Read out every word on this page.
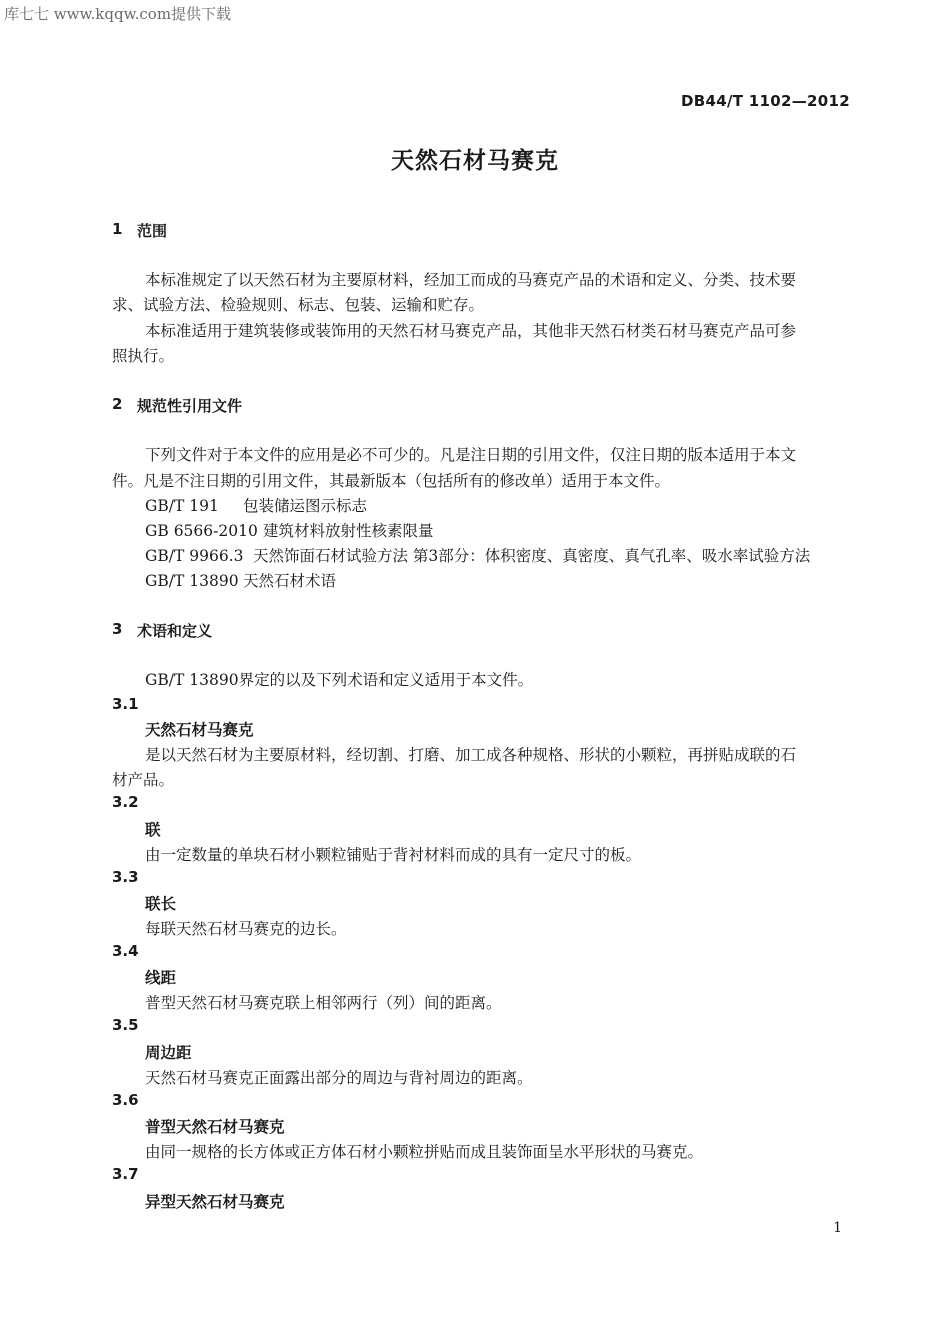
库七七 www.kqqw.com提供下载
DB44/T 1102—2012
天然石材马赛克
1 范围
本标准规定了以天然石材为主要原材料，经加工而成的马赛克产品的术语和定义、分类、技术要
求、试验方法、检验规则、标志、包装、运输和贮存。
本标准适用于建筑装修或装饰用的天然石材马赛克产品，其他非天然石材类石材马赛克产品可参
照执行。
2 规范性引用文件
下列文件对于本文件的应用是必不可少的。凡是注日期的引用文件，仅注日期的版本适用于本文
件。凡是不注日期的引用文件，其最新版本（包括所有的修改单）适用于本文件。
GB/T 191 包装储运图示标志
GB 6566-2010 建筑材料放射性核素限量
GB/T 9966.3 天然饰面石材试验方法 第3部分：体积密度、真密度、真气孔率、吸水率试验方法
GB/T 13890 天然石材术语
3 术语和定义
GB/T 13890界定的以及下列术语和定义适用于本文件。
3.1
天然石材马赛克
是以天然石材为主要原材料，经切割、打磨、加工成各种规格、形状的小颗粒，再拼贴成联的石
材产品。
3.2
联
由一定数量的单块石材小颗粒铺贴于背衬材料而成的具有一定尺寸的板。
3.3
联长
每联天然石材马赛克的边长。
3.4
线距
普型天然石材马赛克联上相邻两行（列）间的距离。
3.5
周边距
天然石材马赛克正面露出部分的周边与背衬周边的距离。
3.6
普型天然石材马赛克
由同一规格的长方体或正方体石材小颗粒拼贴而成且装饰面呈水平形状的马赛克。
3.7
异型天然石材马赛克
1
